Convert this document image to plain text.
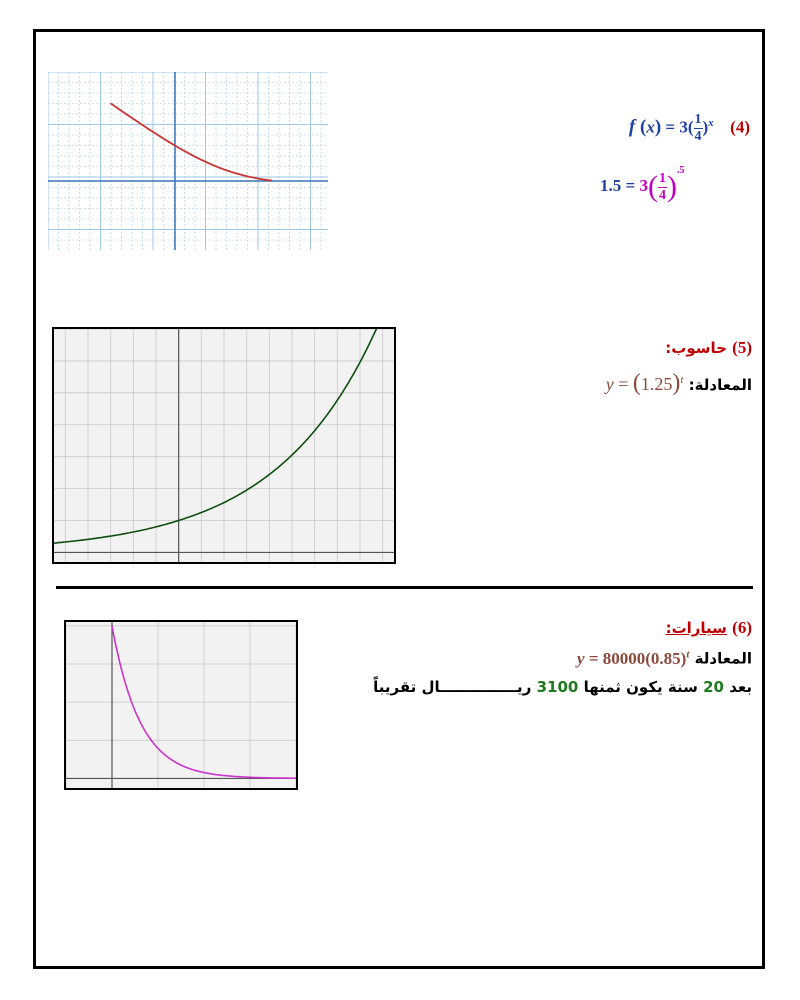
f $(x) = 3( \frac{1}{4} )^x$ (4)
$1.5 = 3( \frac{1}{4} )^{.5}$
(5) حاسوب:
المعادلة: $y = (1.25)^t$
(6) سيارات:
المعادلة $y = 80000(0.85)^t$
بعد 20 سنة يكون ثمنها 3100 ريـــــــــــــــال تقريباً
